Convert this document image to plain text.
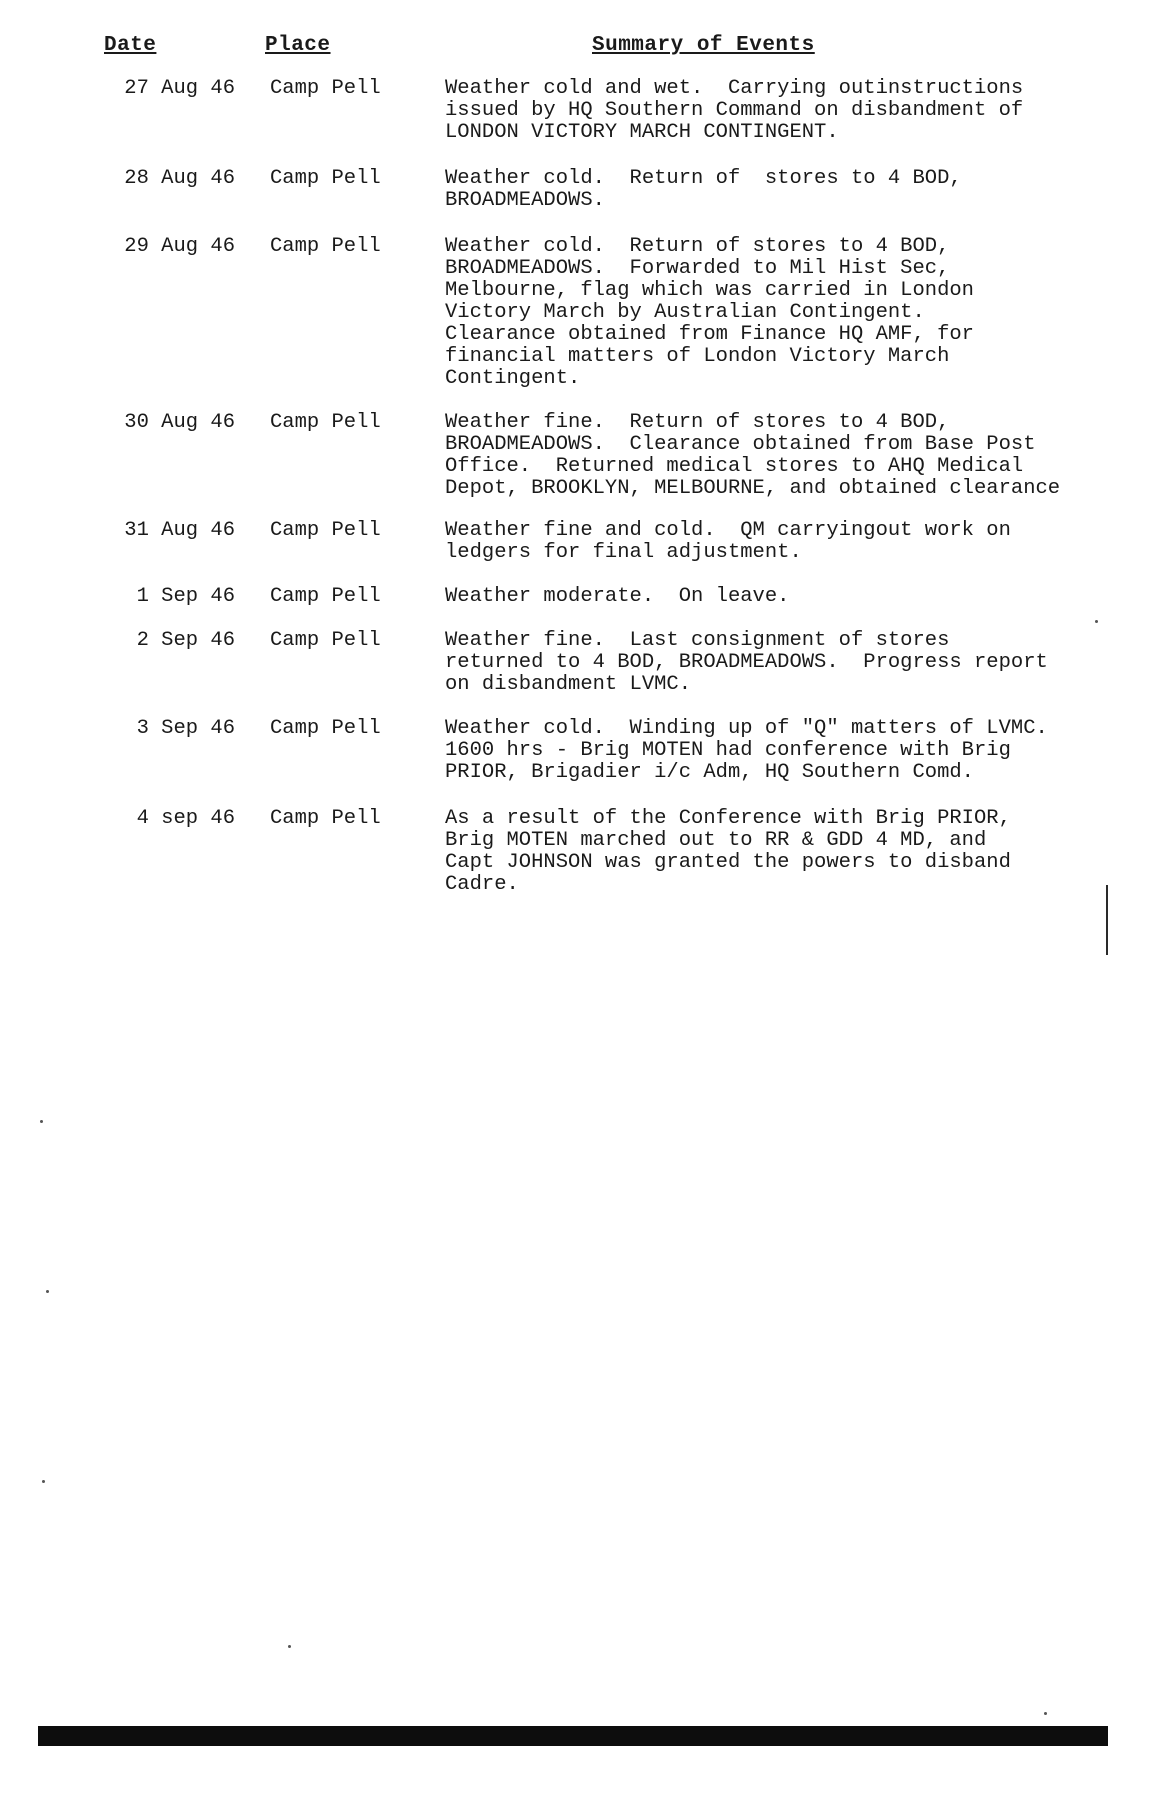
Date	Place	Summary of Events
27 Aug 46 Camp Pell	Weather cold and wet.  Carrying outinstructions
issued by HQ Southern Command on disbandment of
LONDON VICTORY MARCH CONTINGENT.
28 Aug 46 Camp Pell	Weather cold.  Return of  stores to 4 BOD,
BROADMEADOWS.
29 Aug 46 Camp Pell	Weather cold.  Return of stores to 4 BOD,
BROADMEADOWS.  Forwarded to Mil Hist Sec,
Melbourne, flag which was carried in London
Victory March by Australian Contingent.
Clearance obtained from Finance HQ AMF, for
financial matters of London Victory March
Contingent.
30 Aug 46 Camp Pell	Weather fine.  Return of stores to 4 BOD,
BROADMEADOWS.  Clearance obtained from Base Post
Office.  Returned medical stores to AHQ Medical
Depot, BROOKLYN, MELBOURNE, and obtained clearance
31 Aug 46 Camp Pell	Weather fine and cold.  QM carryingout work on
ledgers for final adjustment.
1 Sep 46 Camp Pell	Weather moderate.  On leave.
2 Sep 46 Camp Pell	Weather fine.  Last consignment of stores
returned to 4 BOD, BROADMEADOWS.  Progress report
on disbandment LVMC.
3 Sep 46 Camp Pell	Weather cold.  Winding up of "Q" matters of LVMC.
1600 hrs - Brig MOTEN had conference with Brig
PRIOR, Brigadier i/c Adm, HQ Southern Comd.
4 sep 46 Camp Pell	As a result of the Conference with Brig PRIOR,
Brig MOTEN marched out to RR & GDD 4 MD, and
Capt JOHNSON was granted the powers to disband
Cadre.
